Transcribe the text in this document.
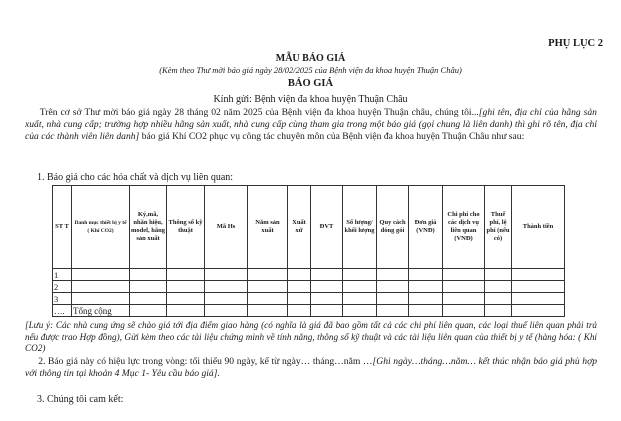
PHỤ LỤC 2
MẪU BÁO GIÁ
(Kèm theo Thư mời báo giá ngày 28/02/2025 của Bệnh viện đa khoa huyện Thuận Châu)
BÁO GIÁ
Kính gửi: Bệnh viện đa khoa huyện Thuận Châu
Trên cơ sở Thư mời báo giá ngày 28 tháng 02 năm 2025 của Bệnh viện đa khoa huyện Thuận châu, chúng tôi...[ghi tên, địa chỉ của hãng sản xuất, nhà cung cấp; trường hợp nhiều hãng sản xuất, nhà cung cấp cùng tham gia trong một báo giá (gọi chung là liên danh) thì ghi rõ tên, địa chỉ của các thành viên liên danh] báo giá Khí CO2 phục vụ công tác chuyên môn của Bệnh viện đa khoa huyện Thuận Châu như sau:
1. Báo giá cho các hóa chất và dịch vụ liên quan:
ST T	Danh mục thiết bị y tế ( Khí CO2)	Ký,mã, nhãn hiệu, model, hãng sản xuất	Thông số kỹ thuật	Mã Hs	Năm sản xuất	Xuất xứ	ĐVT	Số lượng/ khối lượng	Quy cách đóng gói	Đơn giá (VNĐ)	Chi phí cho các dịch vụ liên quan (VNĐ)	Thuế phí, lệ phí (nếu có)	Thành tiền
1													
2													
3													
….	Tổng cộng												
[Lưu ý: Các nhà cung ứng sẽ chào giá tới địa điểm giao hàng (có nghĩa là giá đã bao gồm tất cả các chi phí liên quan, các loại thuế liên quan phải trả nếu được trao Hợp đồng), Gửi kèm theo các tài liệu chứng minh về tính năng, thông số kỹ thuật và các tài liệu liên quan của thiết bị y tế (hàng hóa: ( Khí CO2)
2. Báo giá này có hiệu lực trong vòng: tối thiểu 90 ngày, kể từ ngày… tháng…năm …[Ghi ngày…tháng…năm… kết thúc nhận báo giá phù hợp với thông tin tại khoản 4 Mục 1- Yêu cầu báo giá].
3. Chúng tôi cam kết:
